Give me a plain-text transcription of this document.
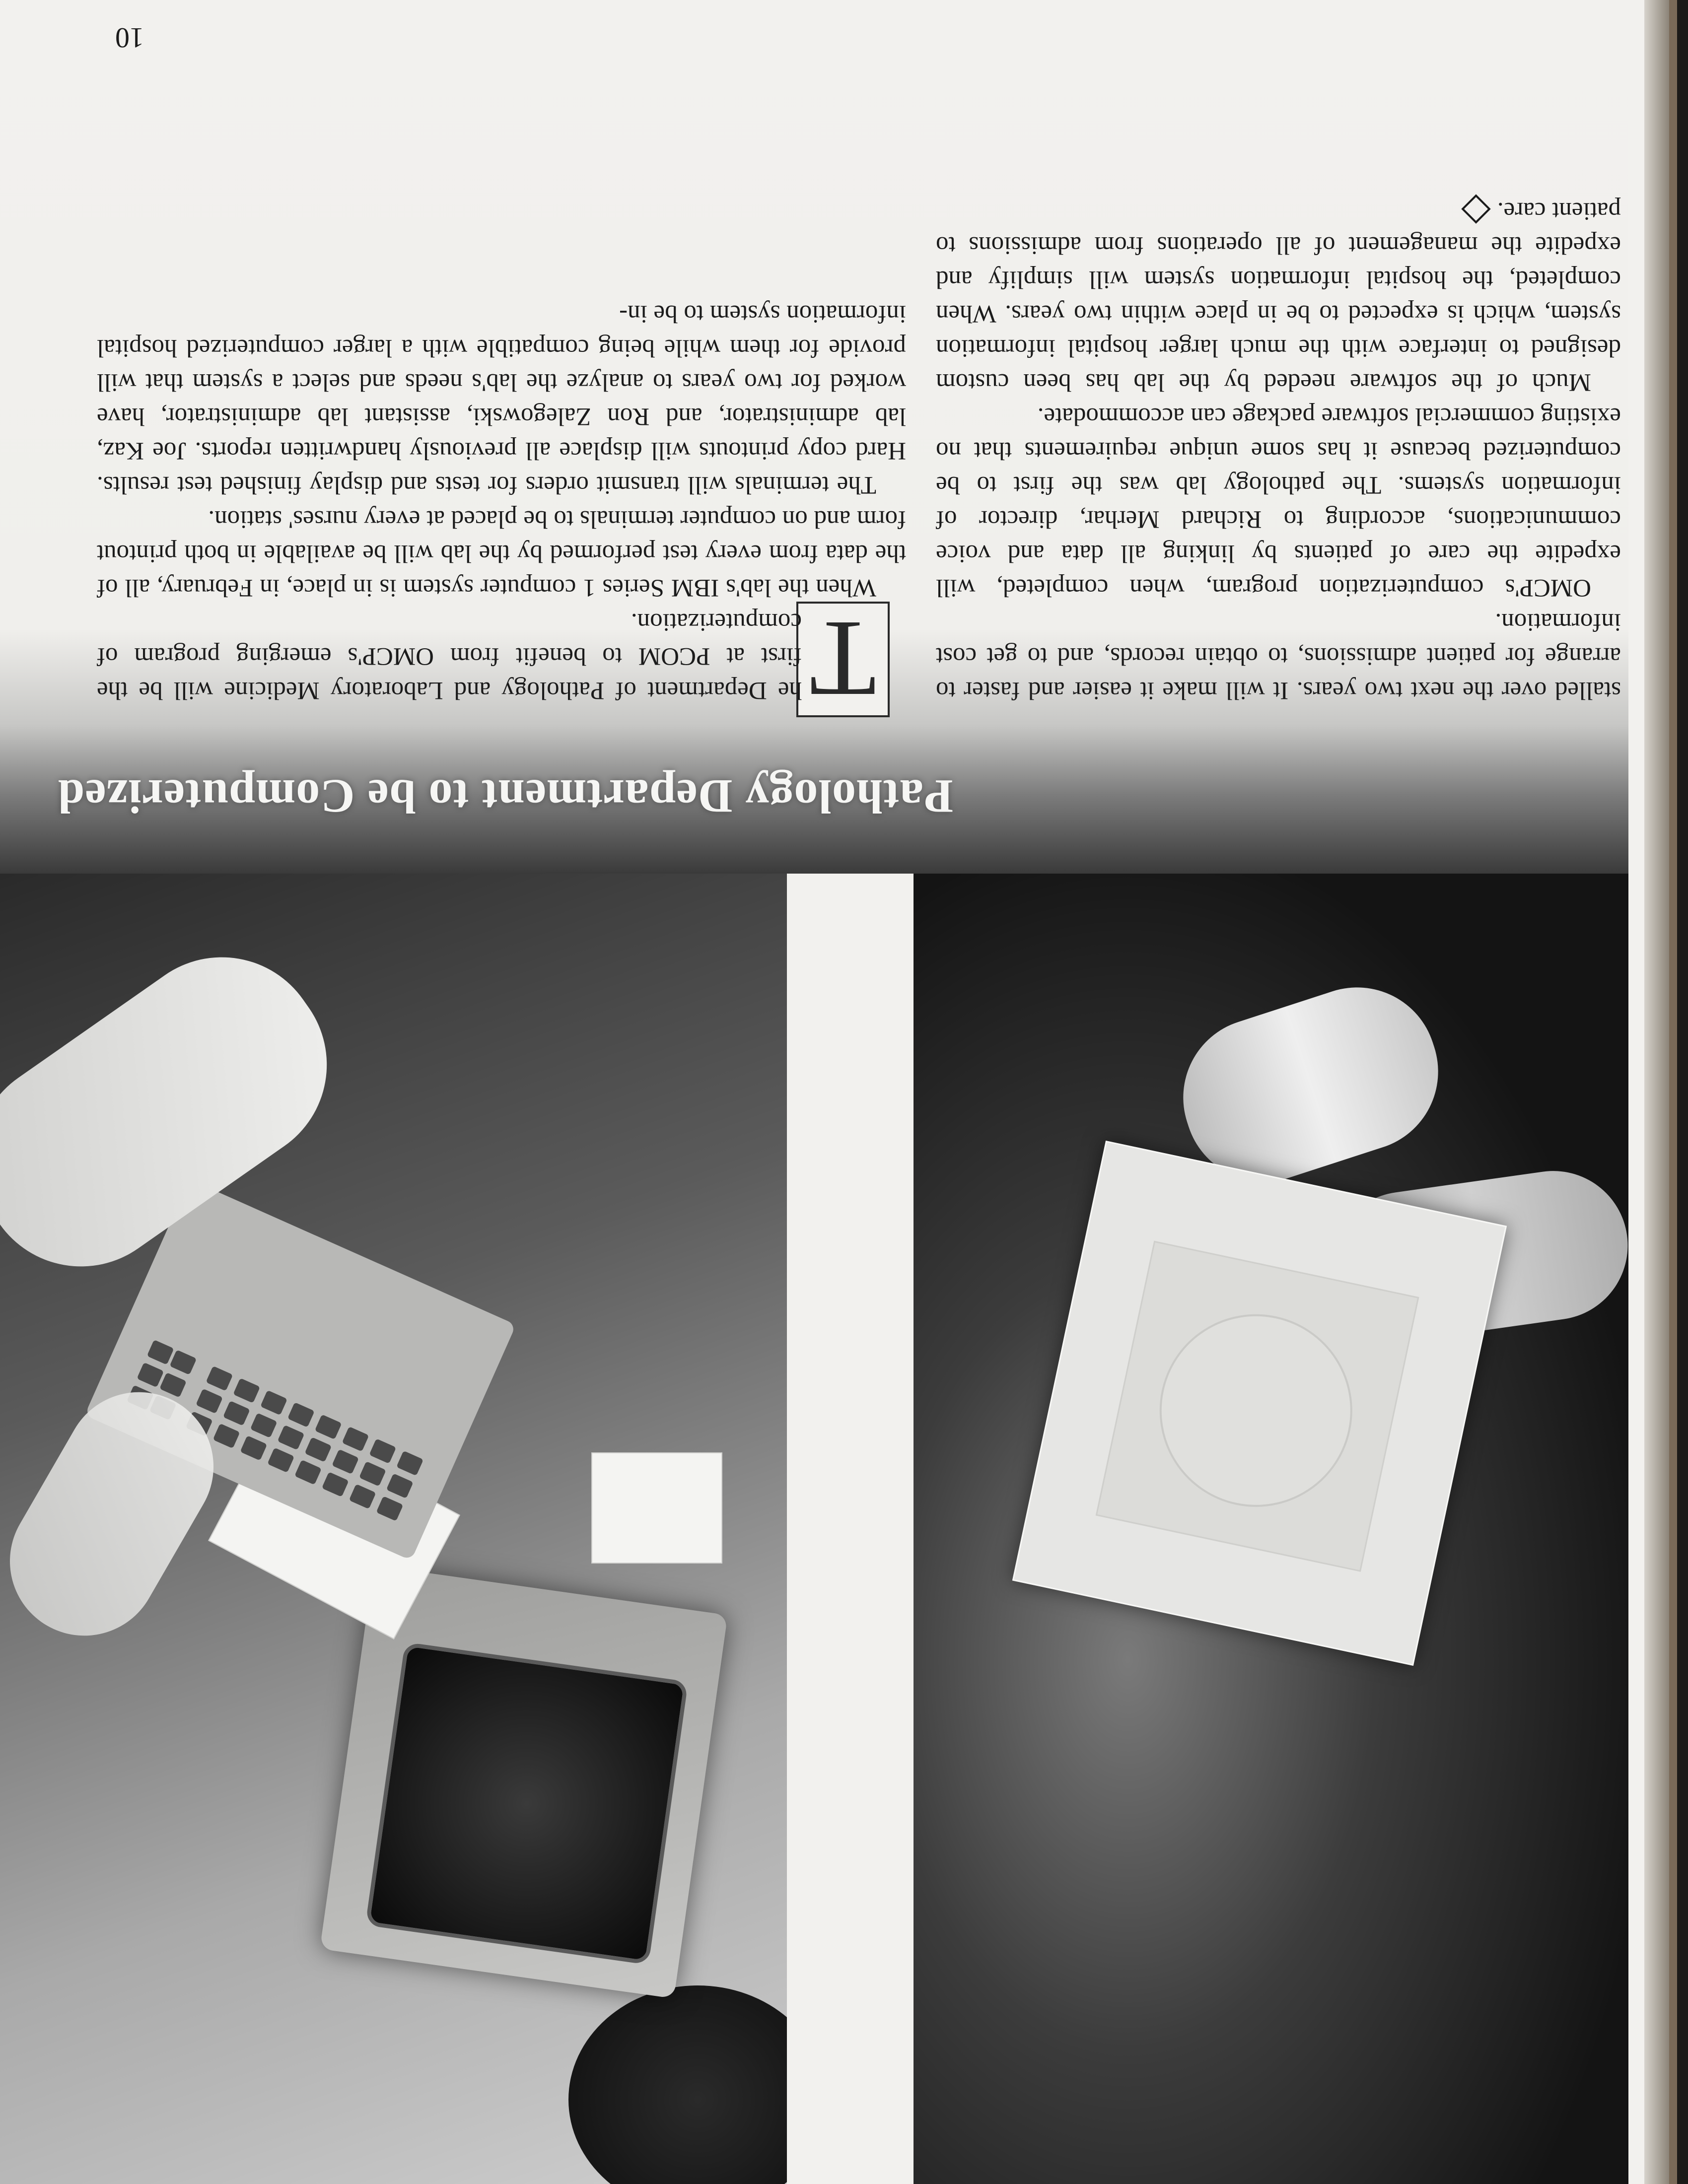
Pathology Department to be Computerized
T

he Department of Pathology and Laboratory Medicine will be the first at PCOM to benefit from OMCP's emerging program of computerization.

When the lab's IBM Series 1 computer system is in place, in February, all of the data from every test performed by the lab will be available in both printout form and on computer terminals to be placed at every nurses' station.

The terminals will transmit orders for tests and display finished test results. Hard copy printouts will displace all previously handwritten reports. Joe Kaz, lab administrator, and Ron Zalegowski, assistant lab administrator, have worked for two years to analyze the lab's needs and select a system that will provide for them while being compatible with a larger computerized hospital information system to be in-

stalled over the next two years. It will make it easier and faster to arrange for patient admissions, to obtain records, and to get cost information.

OMCP's computerization program, when completed, will expedite the care of patients by linking all data and voice communications, according to Richard Merhar, director of information systems. The pathology lab was the first to be computerized because it has some unique requirements that no existing commercial software package can accommodate.

Much of the software needed by the lab has been custom designed to interface with the much larger hospital information system, which is expected to be in place within two years. When completed, the hospital information system will simplify and expedite the management of all operations from admissions to patient care.

10
